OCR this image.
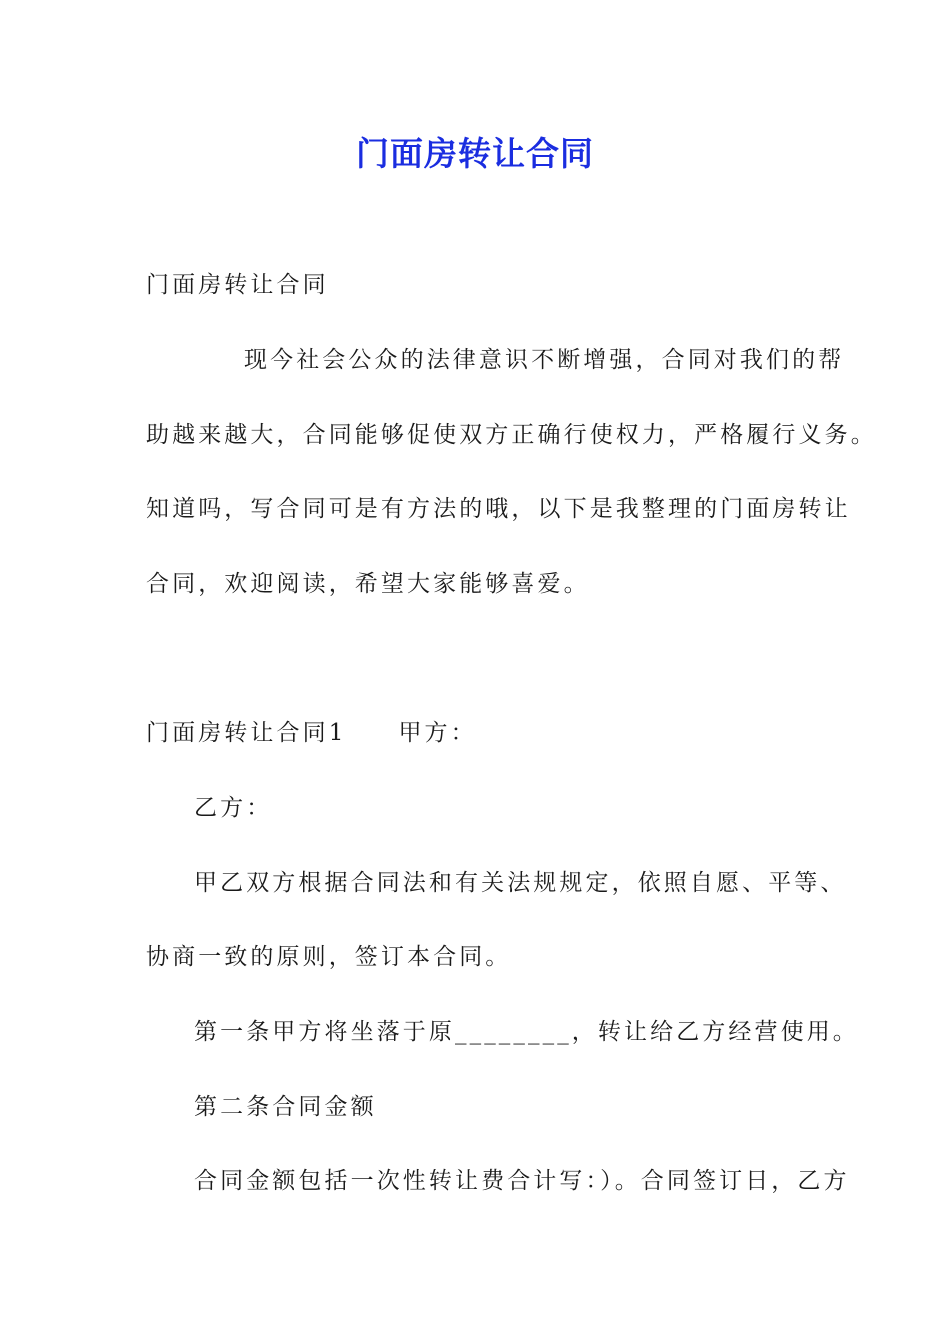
门面房转让合同

门面房转让合同

现今社会公众的法律意识不断增强，合同对我们的帮

助越来越大，合同能够促使双方正确行使权力，严格履行义务。

知道吗，写合同可是有方法的哦，以下是我整理的门面房转让

合同，欢迎阅读，希望大家能够喜爱。

门面房转让合同1 甲方：

乙方：

甲乙双方根据合同法和有关法规规定，依照自愿、平等、

协商一致的原则，签订本合同。

第一条甲方将坐落于原________，转让给乙方经营使用。

第二条合同金额

合同金额包括一次性转让费合计写：）。合同签订日，乙方
